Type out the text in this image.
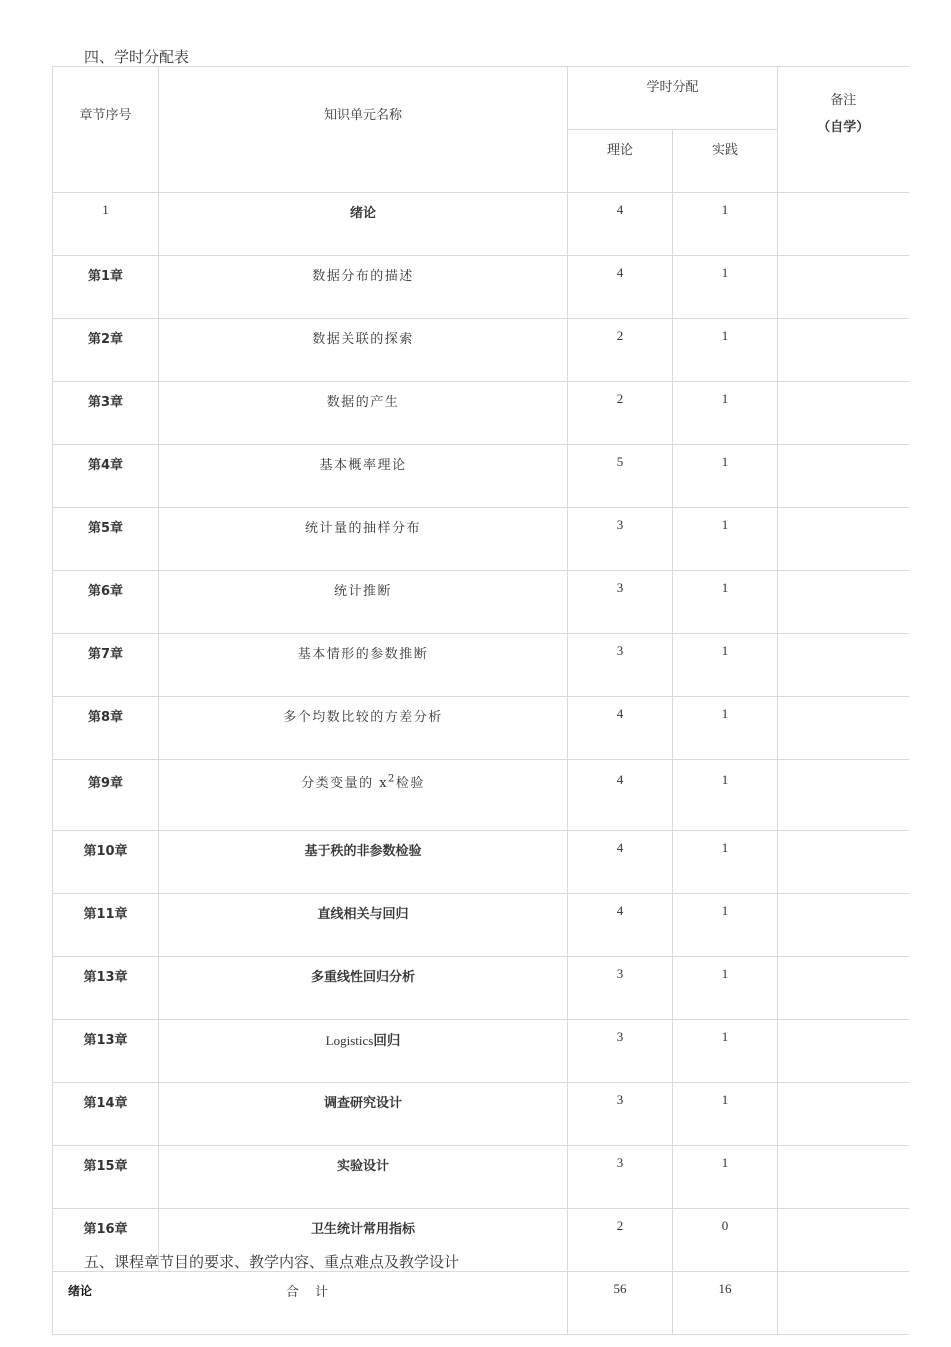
四、学时分配表
章节序号	知识单元名称	学时分配		备注
（自学）

		理论	实践	
1	绪论	4	1	
第1章	数据分布的描述	4	1	
第2章	数据关联的探索	2	1	
第3章	数据的产生	2	1	
第4章	基本概率理论	5	1	
第5章	统计量的抽样分布	3	1	
第6章	统计推断	3	1	
第7章	基本情形的参数推断	3	1	
第8章	多个均数比较的方差分析	4	1	
第9章	分类变量的 $x^2$检验	4	1	
第10章	基于秩的非参数检验	4	1	
第11章	直线相关与回归	4	1	
第13章	多重线性回归分析	3	1	
第13章	Logistics回归	3	1	
第14章	调查研究设计	3	1	
第15章	实验设计	3	1	
第16章	卫生统计常用指标	2	0	
合 计		56	16	
五、课程章节目的要求、教学内容、重点难点及教学设计
绪论
